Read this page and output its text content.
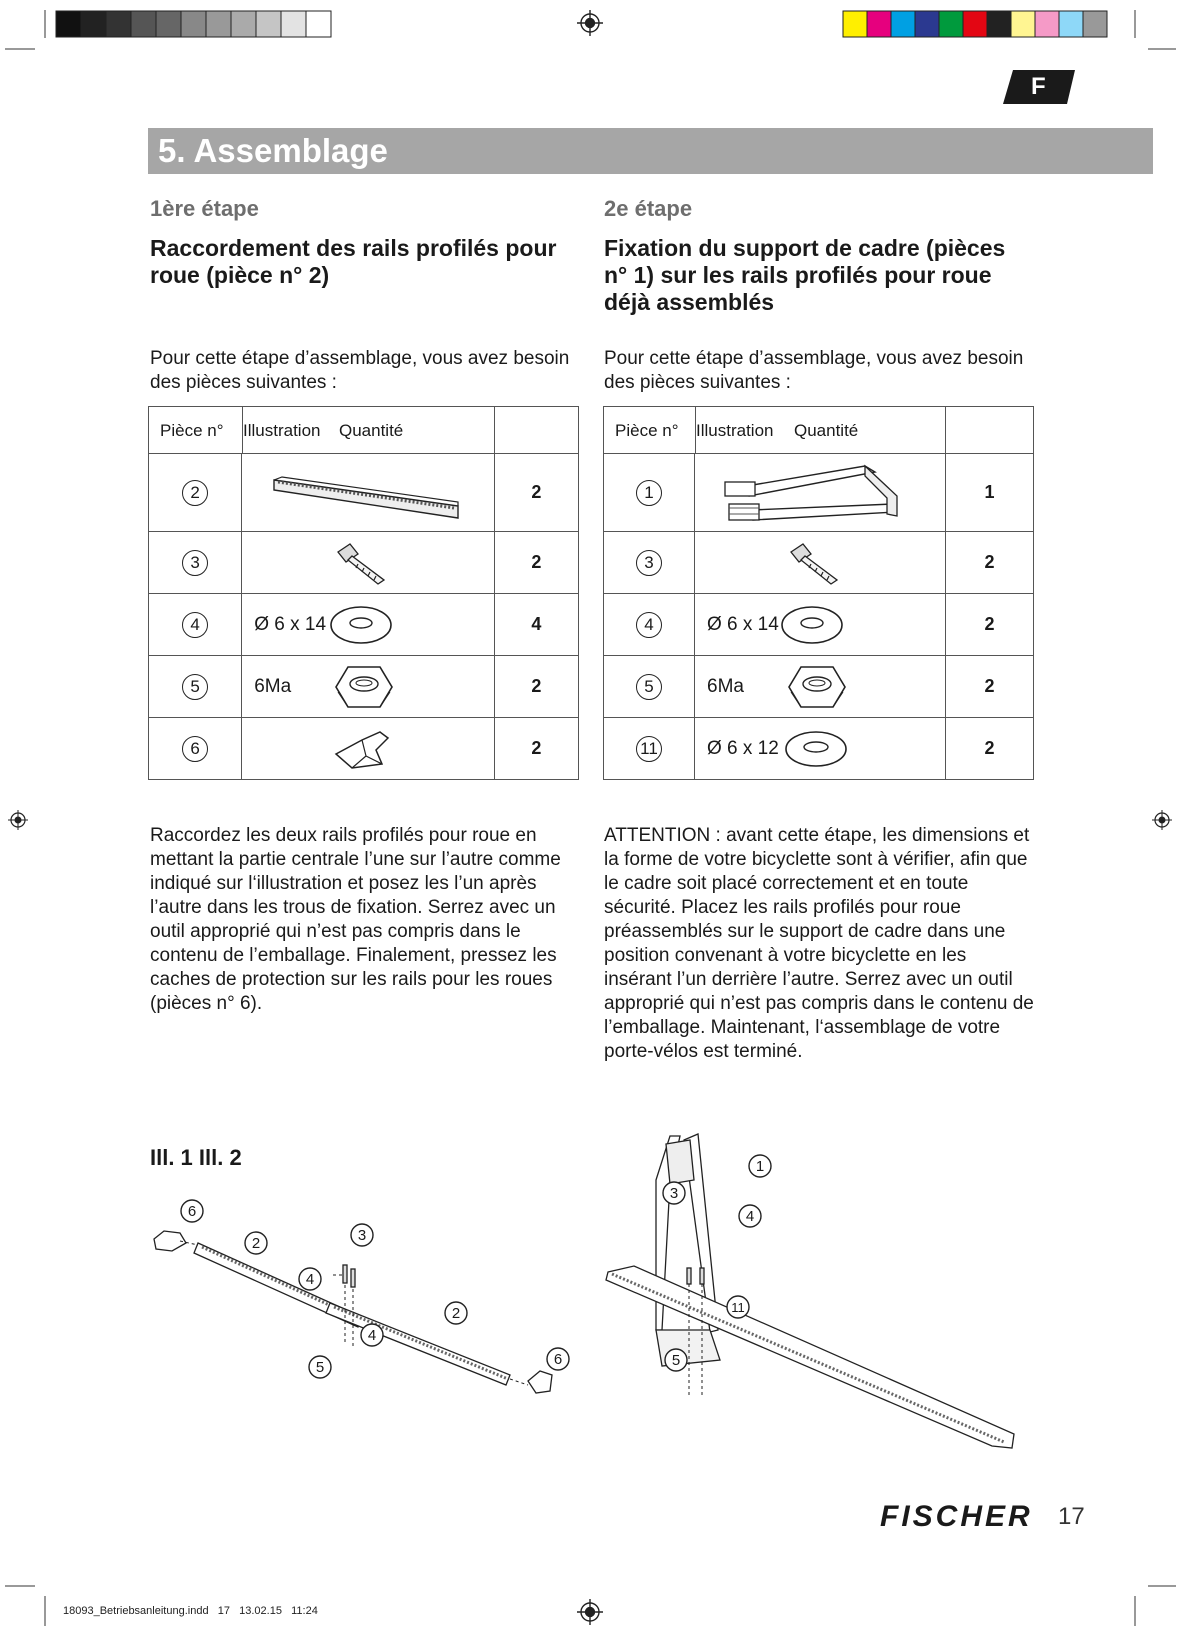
F
5. Assemblage
1ère étape
Raccordement des rails profilés pour roue (pièce n° 2)
Pour cette étape d’assemblage, vous avez besoin des pièces suivantes :
Pièce n° Illustration Quantité		

2		2
3		2
4	Ø 6 x 14	4
5	6Ma	2
6		2
Raccordez les deux rails profilés pour roue en mettant la partie centrale l’une sur l’autre comme indiqué sur l‘illustration et posez les l’un après l’autre dans les trous de fixation. Serrez avec un outil approprié qui n’est pas compris dans le contenu de l’emballage. Finalement, pressez les caches de protection sur les rails pour les roues (pièces n° 6).
2e étape
Fixation du support de cadre (pièces n° 1) sur les rails profilés pour roue déjà assemblés
Pour cette étape d’assemblage, vous avez besoin des pièces suivantes :
Pièce n° Illustration Quantité		

1		1
3		2
4	Ø 6 x 14	2
5	6Ma	2
11	Ø 6 x 12	2
ATTENTION : avant cette étape, les dimensions et la forme de votre bicyclette sont à vérifier, afin que le cadre soit placé correctement et en toute sécurité. Placez les rails profilés pour roue préassemblés sur le support de cadre dans une position convenant à votre bicyclette en les insérant l’un derrière l’autre. Serrez avec un outil approprié qui n’est pas compris dans le contenu de l’emballage. Maintenant, l‘assemblage de votre porte-vélos est terminé.
Ill. 1 Ill. 2
6
2	3
4
2
4
5	6
3
1
4
11
5
FISCHER 17
18093_Betriebsanleitung.indd   17   13.02.15   11:24
